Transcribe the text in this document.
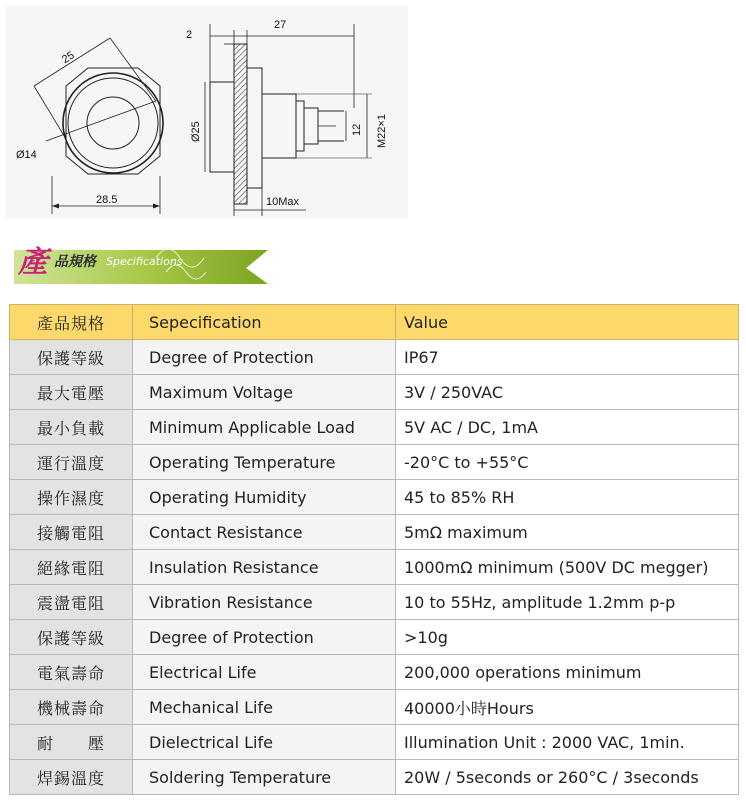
25
Ø14
28.5
2
27
Ø25	12 M22×1
10Max
產 品規格 Specifications
產品規格	Sepecification	Value
保護等級	Degree of Protection	IP67
最大電壓	Maximum Voltage	3V / 250VAC
最小負載	Minimum Applicable Load	5V AC / DC, 1mA
運行溫度	Operating Temperature	-20°C to +55°C
操作濕度	Operating Humidity	45 to 85% RH
接觸電阻	Contact Resistance	5mΩ maximum
絕緣電阻	Insulation Resistance	1000mΩ minimum (500V DC megger)
震盪電阻	Vibration Resistance	10 to 55Hz, amplitude 1.2mm p-p
保護等級	Degree of Protection	>10g
電氣壽命	Electrical Life	200,000 operations minimum
機械壽命	Mechanical Life	40000小時Hours
耐　　壓	Dielectrical Life	Illumination Unit : 2000 VAC, 1min.
焊錫溫度	Soldering Temperature	20W / 5seconds or 260°C / 3seconds
